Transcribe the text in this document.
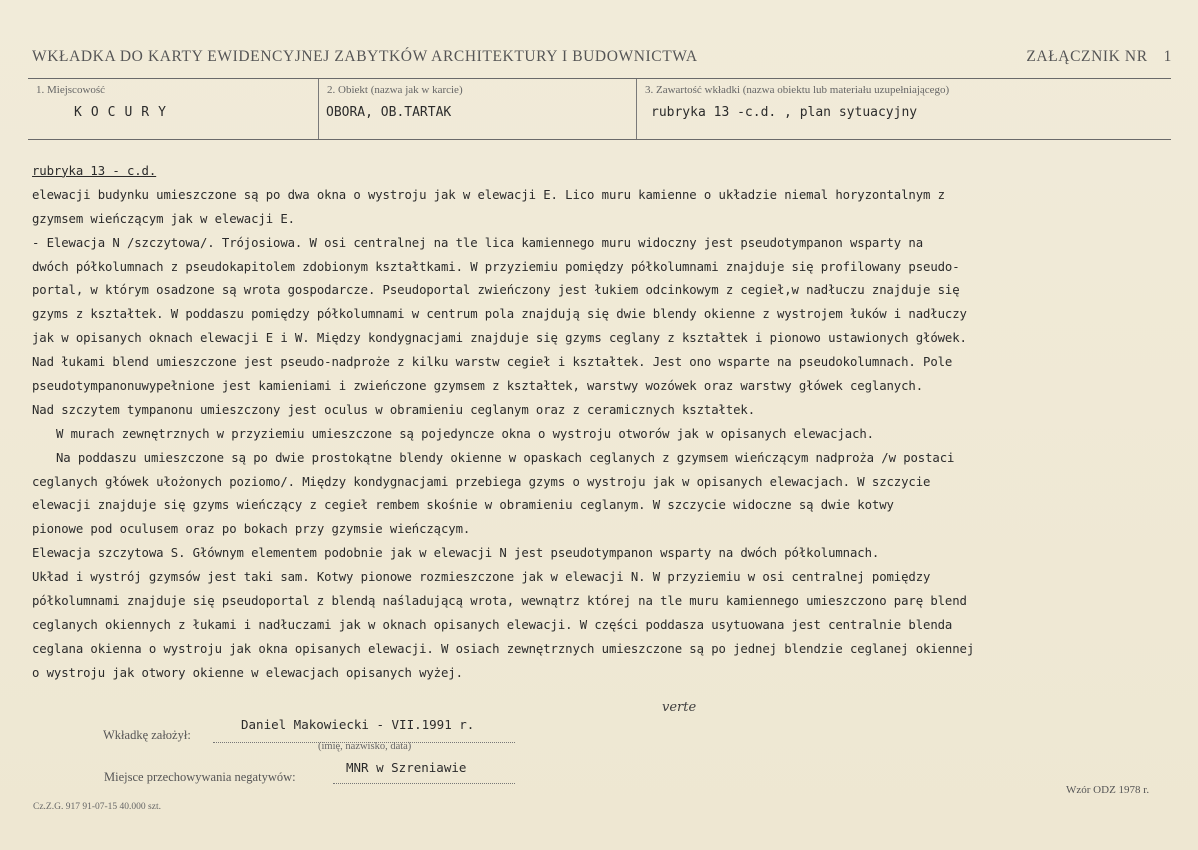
WKŁADKA DO KARTY EWIDENCYJNEJ ZABYTKÓW ARCHITEKTURY I BUDOWNICTWA	ZAŁĄCZNIK NR 1
1. Miejscowość
KOCURY
2. Obiekt (nazwa jak w karcie)
OBORA, OB.TARTAK
3. Zawartość wkładki (nazwa obiektu lub materiału uzupełniającego)
rubryka 13 -c.d. , plan sytuacyjny
rubryka 13 - c.d.
elewacji budynku umieszczone są po dwa okna o wystroju jak w elewacji E. Lico muru kamienne o układzie niemal horyzontalnym z
gzymsem wieńczącym jak w elewacji E.
- Elewacja N /szczytowa/. Trójosiowa. W osi centralnej na tle lica kamiennego muru widoczny jest pseudotympanon wsparty na
dwóch półkolumnach z pseudokapitolem zdobionym kształtkami. W przyziemiu pomiędzy półkolumnami znajduje się profilowany pseudo-
portal, w którym osadzone są wrota gospodarcze. Pseudoportal zwieńczony jest łukiem odcinkowym z cegieł,w nadłuczu znajduje się
gzyms z kształtek. W poddaszu pomiędzy półkolumnami w centrum pola znajdują się dwie blendy okienne z wystrojem łuków i nadłuczy
jak w opisanych oknach elewacji E i W. Między kondygnacjami znajduje się gzyms ceglany z kształtek i pionowo ustawionych główek.
Nad łukami blend umieszczone jest pseudo-nadproże z kilku warstw cegieł i kształtek. Jest ono wsparte na pseudokolumnach. Pole
pseudotympanonuwypełnione jest kamieniami i zwieńczone gzymsem z kształtek, warstwy wozówek oraz warstwy główek ceglanych.
Nad szczytem tympanonu umieszczony jest oculus w obramieniu ceglanym oraz z ceramicznych kształtek.
W murach zewnętrznych w przyziemiu umieszczone są pojedyncze okna o wystroju otworów jak w opisanych elewacjach.
Na poddaszu umieszczone są po dwie prostokątne blendy okienne w opaskach ceglanych z gzymsem wieńczącym nadproża /w postaci
ceglanych główek ułożonych poziomo/. Między kondygnacjami przebiega gzyms o wystroju jak w opisanych elewacjach. W szczycie
elewacji znajduje się gzyms wieńczący z cegieł rembem skośnie w obramieniu ceglanym. W szczycie widoczne są dwie kotwy
pionowe pod oculusem oraz po bokach przy gzymsie wieńczącym.
Elewacja szczytowa S. Głównym elementem podobnie jak w elewacji N jest pseudotympanon wsparty na dwóch półkolumnach.
Układ i wystrój gzymsów jest taki sam. Kotwy pionowe rozmieszczone jak w elewacji N. W przyziemiu w osi centralnej pomiędzy
półkolumnami znajduje się pseudoportal z blendą naśladującą wrota, wewnątrz której na tle muru kamiennego umieszczono parę blend
ceglanych okiennych z łukami i nadłuczami jak w oknach opisanych elewacji. W części poddasza usytuowana jest centralnie blenda
ceglana okienna o wystroju jak okna opisanych elewacji. W osiach zewnętrznych umieszczone są po jednej blendzie ceglanej okiennej
o wystroju jak otwory okienne w elewacjach opisanych wyżej.
verte
Wkładkę założył:
Daniel Makowiecki - VII.1991 r.
(imię, nazwisko, data)
Miejsce przechowywania negatywów:
MNR w Szreniawie
Cz.Z.G. 917 91-07-15 40.000 szt.
Wzór ODZ 1978 r.
